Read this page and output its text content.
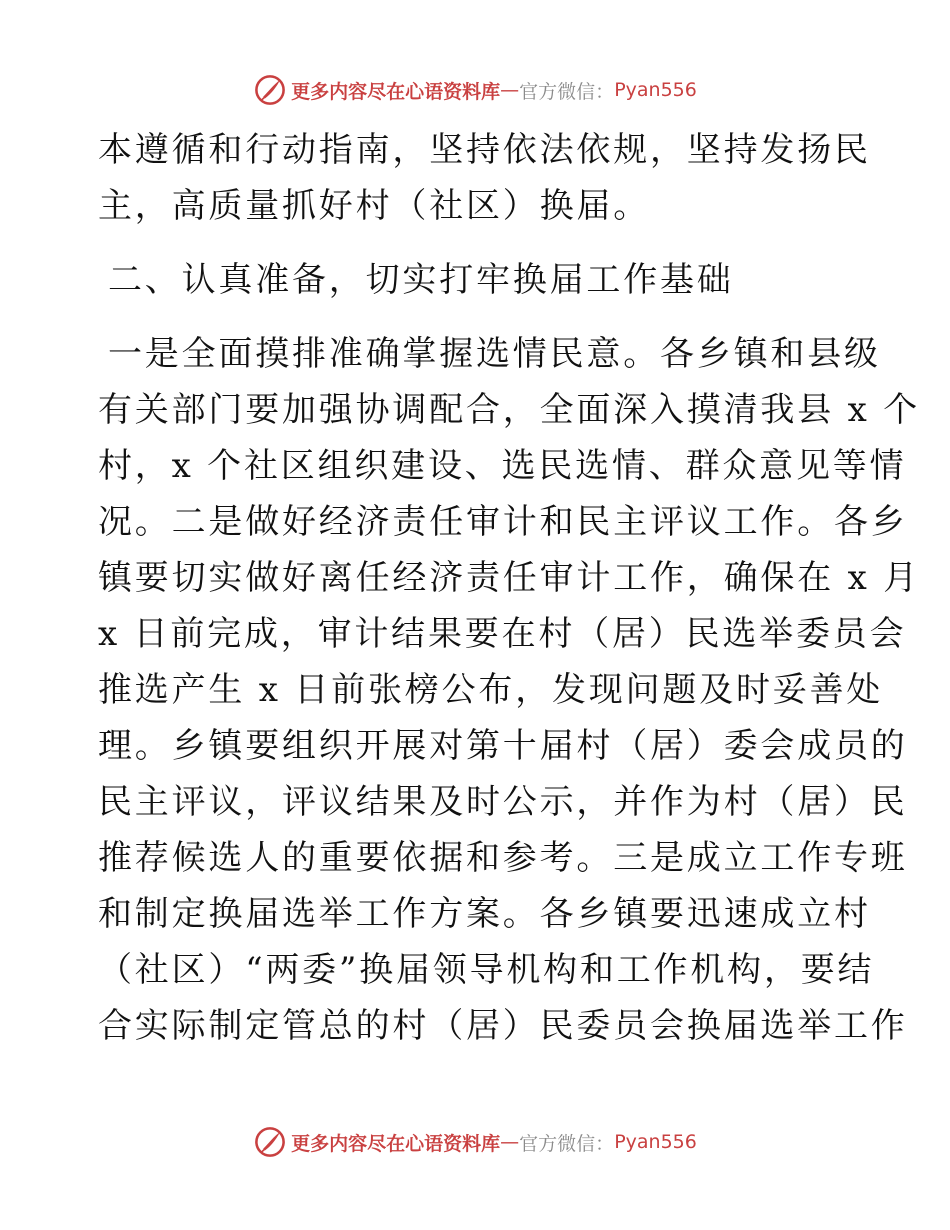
更多内容尽在心语资料库 — 官方微信： Pyan556
本遵循和行动指南，坚持依法依规，坚持发扬民
主，高质量抓好村（社区）换届。
二、认真准备，切实打牢换届工作基础
一是全面摸排准确掌握选情民意。各乡镇和县级
有关部门要加强协调配合，全面深入摸清我县 x 个
村，x 个社区组织建设、选民选情、群众意见等情
况。二是做好经济责任审计和民主评议工作。各乡
镇要切实做好离任经济责任审计工作，确保在 x 月
x 日前完成，审计结果要在村（居）民选举委员会
推选产生 x 日前张榜公布，发现问题及时妥善处
理。乡镇要组织开展对第十届村（居）委会成员的
民主评议，评议结果及时公示，并作为村（居）民
推荐候选人的重要依据和参考。三是成立工作专班
和制定换届选举工作方案。各乡镇要迅速成立村
（社区）“两委”换届领导机构和工作机构，要结
合实际制定管总的村（居）民委员会换届选举工作
更多内容尽在心语资料库 — 官方微信： Pyan556
